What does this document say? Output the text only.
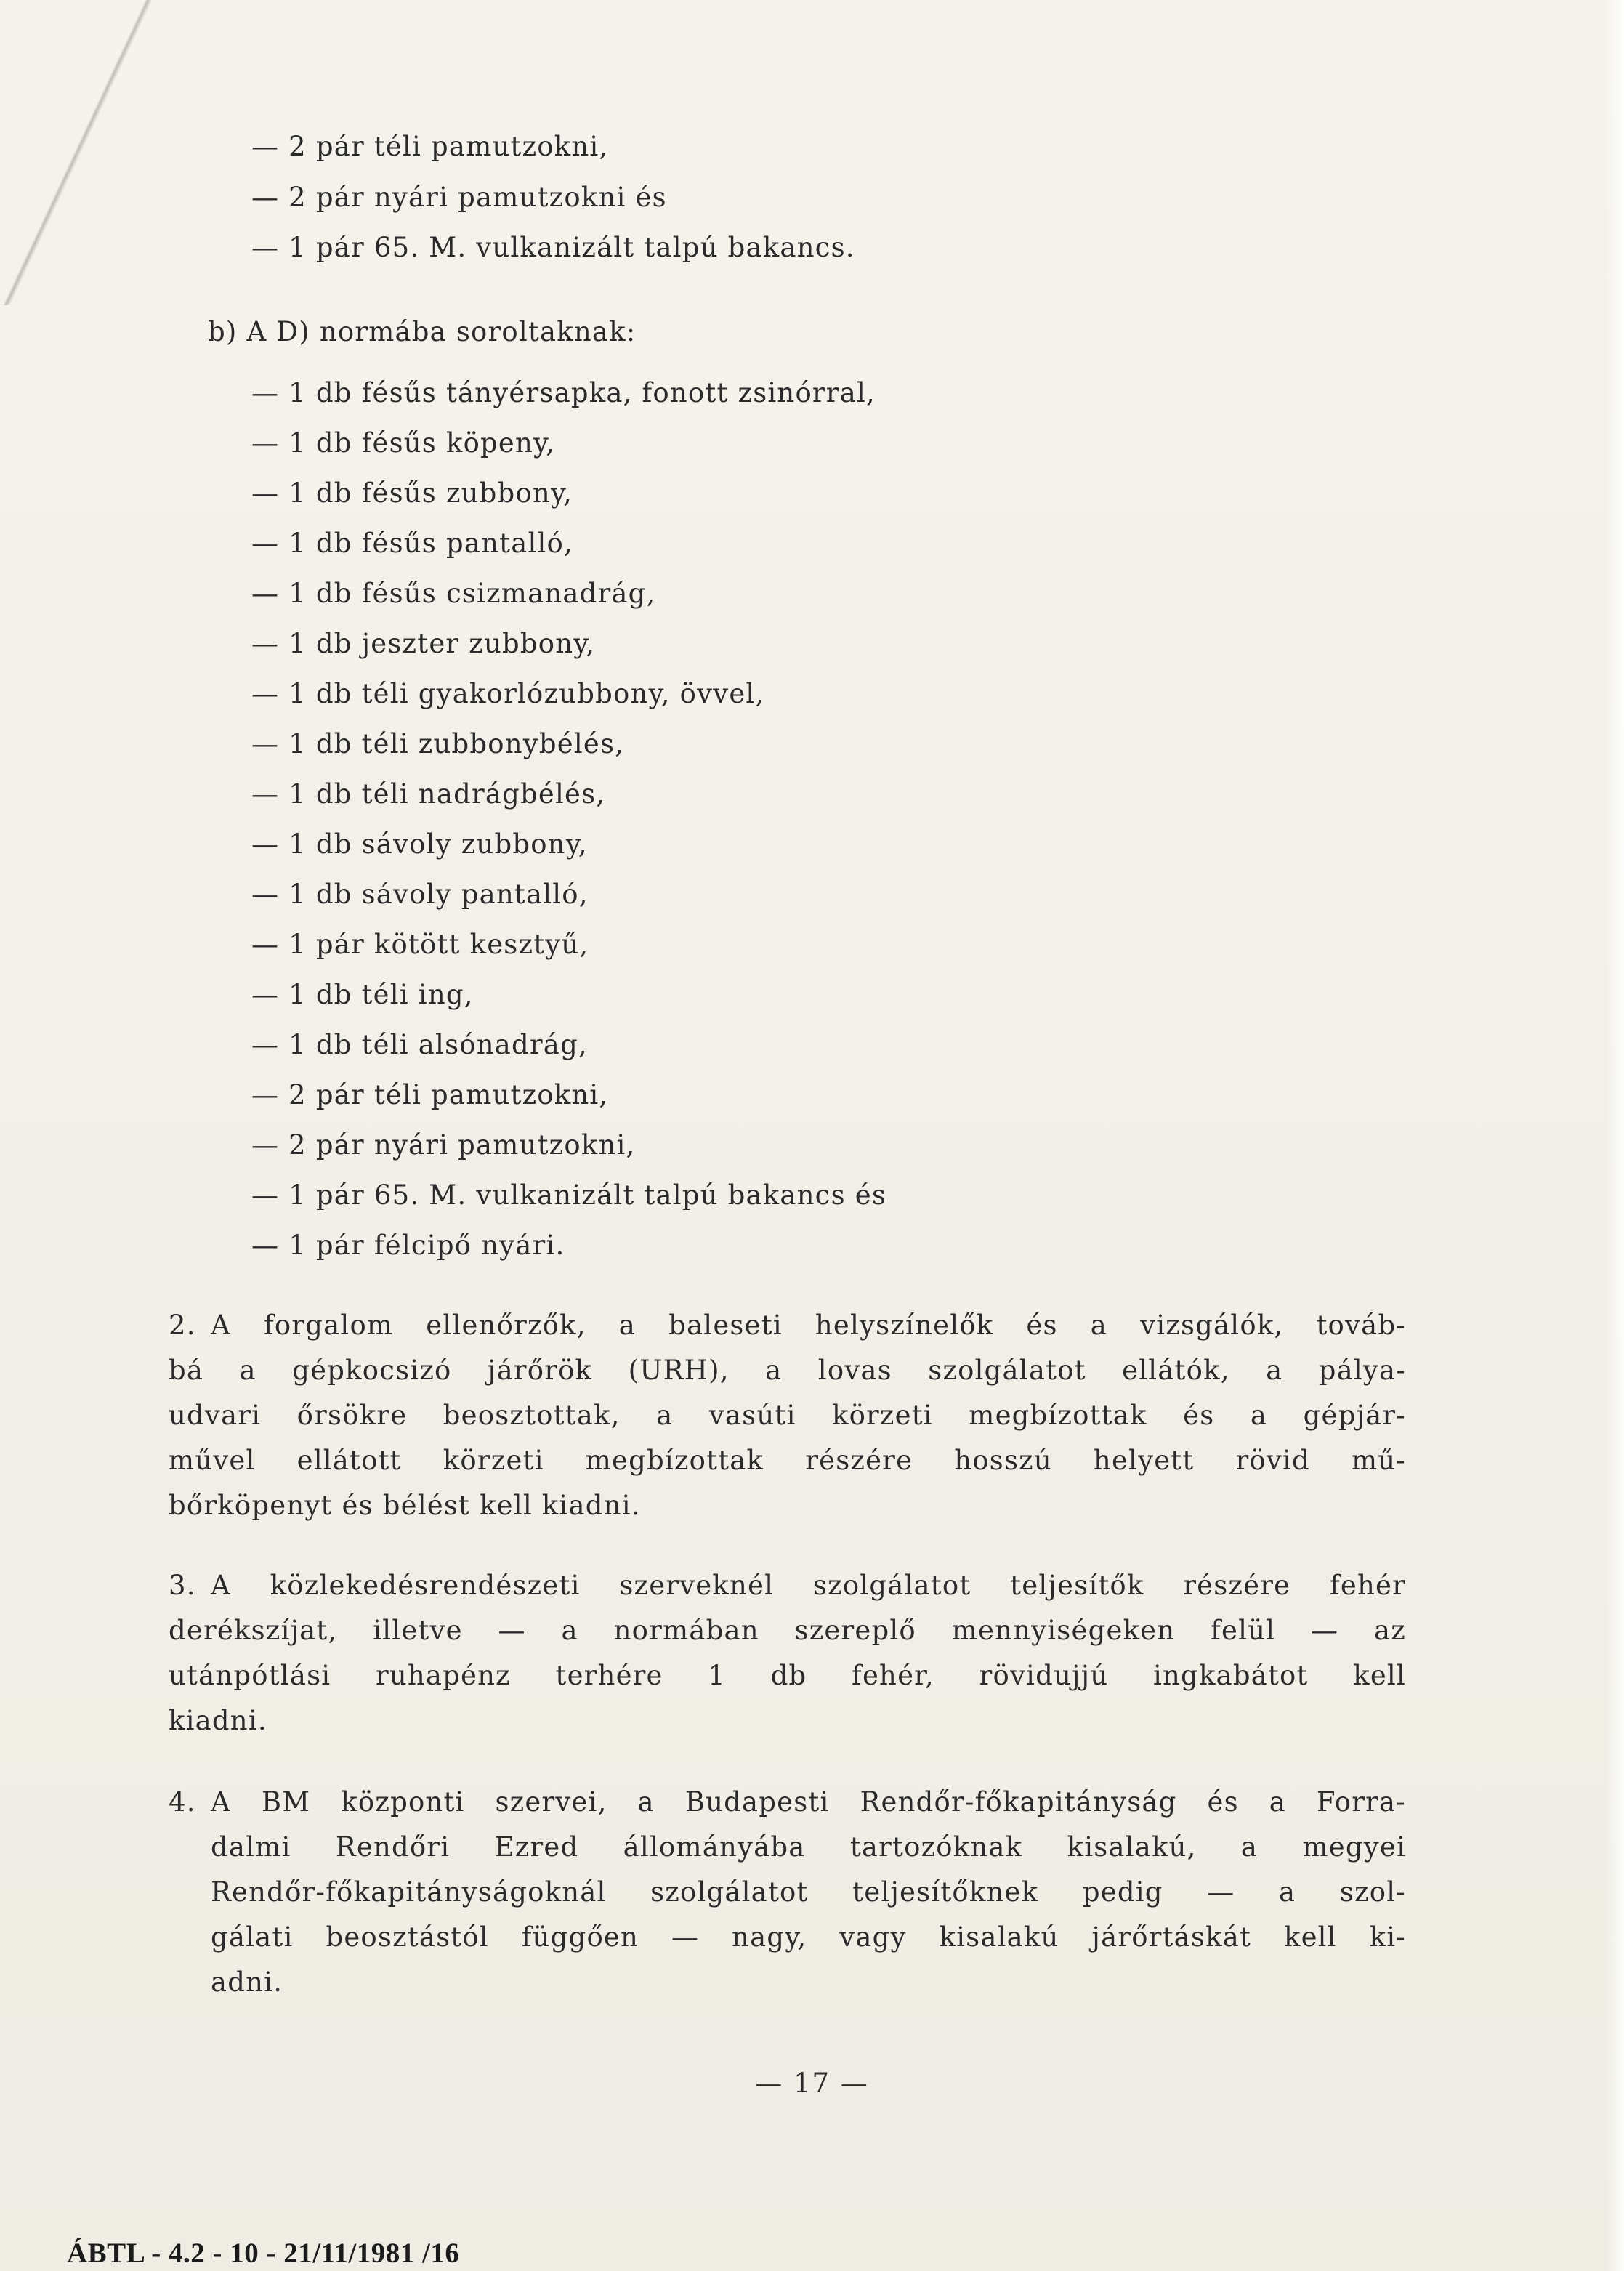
— 2 pár téli pamutzokni,
— 2 pár nyári pamutzokni és
— 1 pár 65. M. vulkanizált talpú bakancs.
b) A D) normába soroltaknak:
— 1 db fésűs tányérsapka, fonott zsinórral,
— 1 db fésűs köpeny,
— 1 db fésűs zubbony,
— 1 db fésűs pantalló,
— 1 db fésűs csizmanadrág,
— 1 db jeszter zubbony,
— 1 db téli gyakorlózubbony, övvel,
— 1 db téli zubbonybélés,
— 1 db téli nadrágbélés,
— 1 db sávoly zubbony,
— 1 db sávoly pantalló,
— 1 pár kötött kesztyű,
— 1 db téli ing,
— 1 db téli alsónadrág,
— 2 pár téli pamutzokni,
— 2 pár nyári pamutzokni,
— 1 pár 65. M. vulkanizált talpú bakancs és
— 1 pár félcipő nyári.
2. A forgalom ellenőrzők, a baleseti helyszínelők és a vizsgálók, továb-
bá a gépkocsizó járőrök (URH), a lovas szolgálatot ellátók, a pálya-
udvari őrsökre beosztottak, a vasúti körzeti megbízottak és a gépjár-
művel ellátott körzeti megbízottak részére hosszú helyett rövid mű-
bőrköpenyt és bélést kell kiadni.
3. A közlekedésrendészeti szerveknél szolgálatot teljesítők részére fehér
derékszíjat, illetve — a normában szereplő mennyiségeken felül — az
utánpótlási ruhapénz terhére 1 db fehér, rövidujjú ingkabátot kell
kiadni.
4. A BM központi szervei, a Budapesti Rendőr-főkapitányság és a Forra-
dalmi Rendőri Ezred állományába tartozóknak kisalakú, a megyei
Rendőr-főkapitányságoknál szolgálatot teljesítőknek pedig — a szol-
gálati beosztástól függően — nagy, vagy kisalakú járőrtáskát kell ki-
adni.
— 17 —
ÁBTL - 4.2 - 10 - 21/11/1981 /16
